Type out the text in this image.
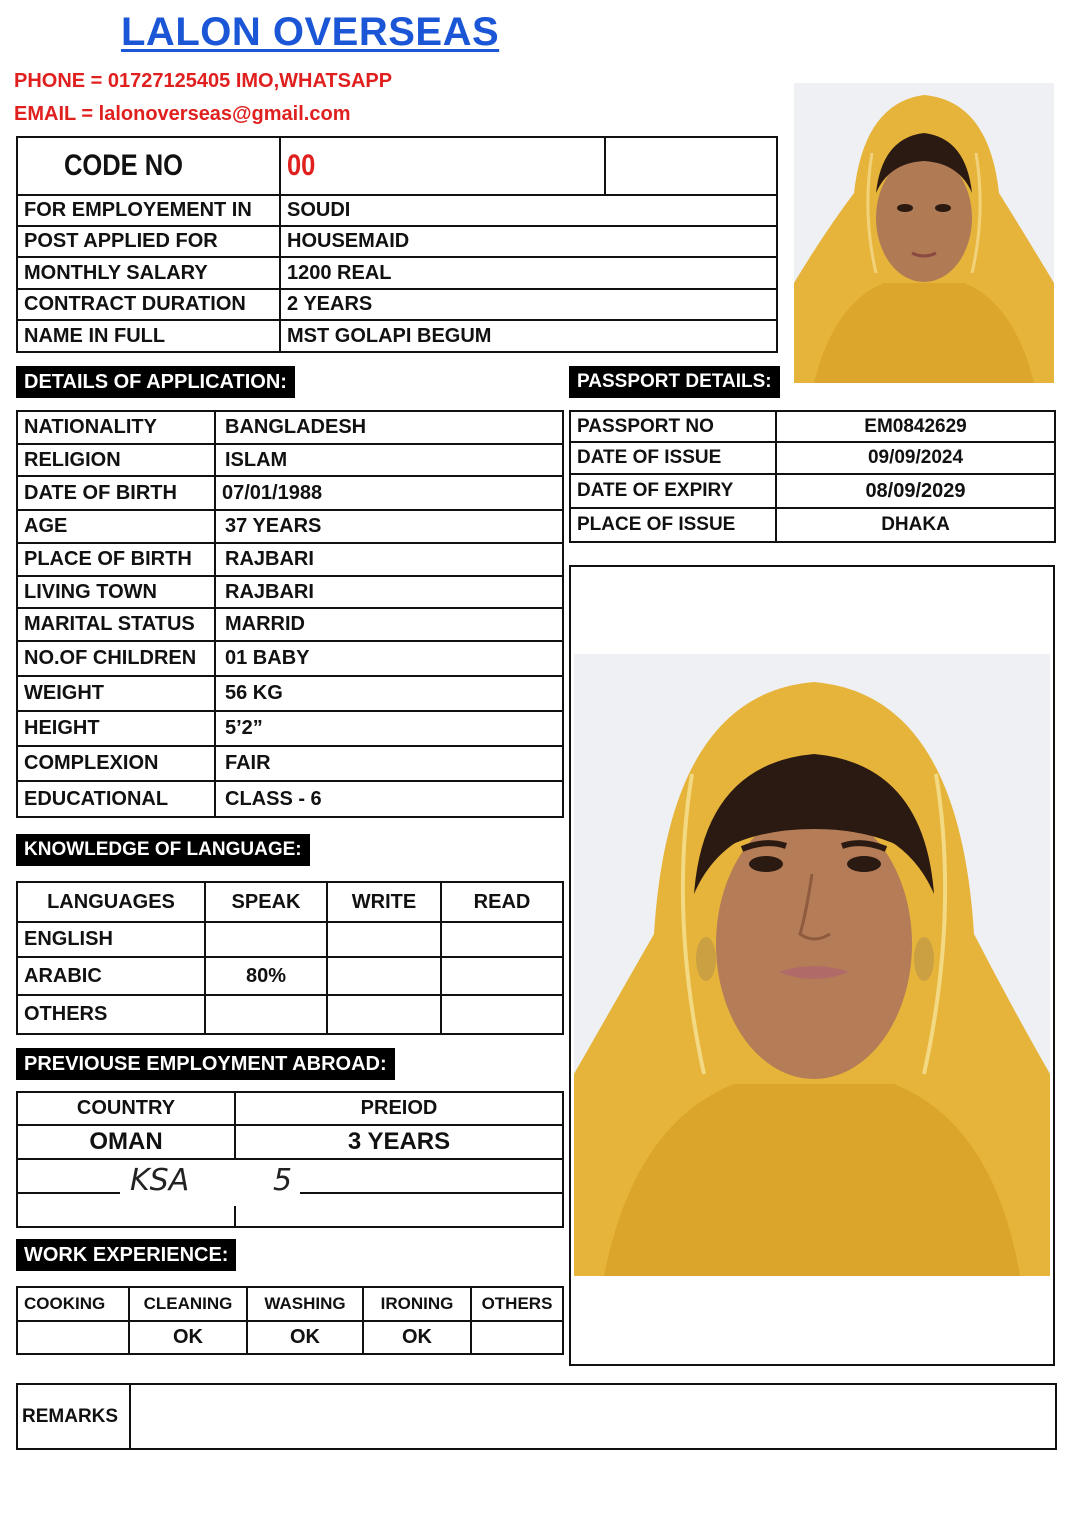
LALON OVERSEAS
PHONE = 01727125405 IMO,WHATSAPP
EMAIL = lalonoverseas@gmail.com
CODE NO	00	
FOR EMPLOYEMENT IN	SOUDI	
POST APPLIED FOR	HOUSEMAID	
MONTHLY SALARY	1200 REAL	
CONTRACT DURATION	2 YEARS	
NAME IN FULL	MST GOLAPI BEGUM	
DETAILS OF APPLICATION:
NATIONALITY	BANGLADESH
RELIGION	ISLAM
DATE OF BIRTH	07/01/1988
AGE	37 YEARS
PLACE OF BIRTH	RAJBARI
LIVING TOWN	RAJBARI
MARITAL STATUS	MARRID
NO.OF CHILDREN	01 BABY
WEIGHT	56 KG
HEIGHT	5’2”
COMPLEXION	FAIR
EDUCATIONAL	CLASS - 6
PASSPORT DETAILS:
PASSPORT NO	EM0842629
DATE OF ISSUE	09/09/2024
DATE OF EXPIRY	08/09/2029
PLACE OF ISSUE	DHAKA
KNOWLEDGE OF LANGUAGE:
LANGUAGES	SPEAK	WRITE	READ
ENGLISH			
ARABIC	80%		
OTHERS			
PREVIOUSE EMPLOYMENT ABROAD:
COUNTRY	PREIOD
OMAN	3 YEARS

KSA	5
WORK EXPERIENCE:
COOKING	CLEANING	WASHING	IRONING	OTHERS
	OK	OK	OK	
REMARKS	
